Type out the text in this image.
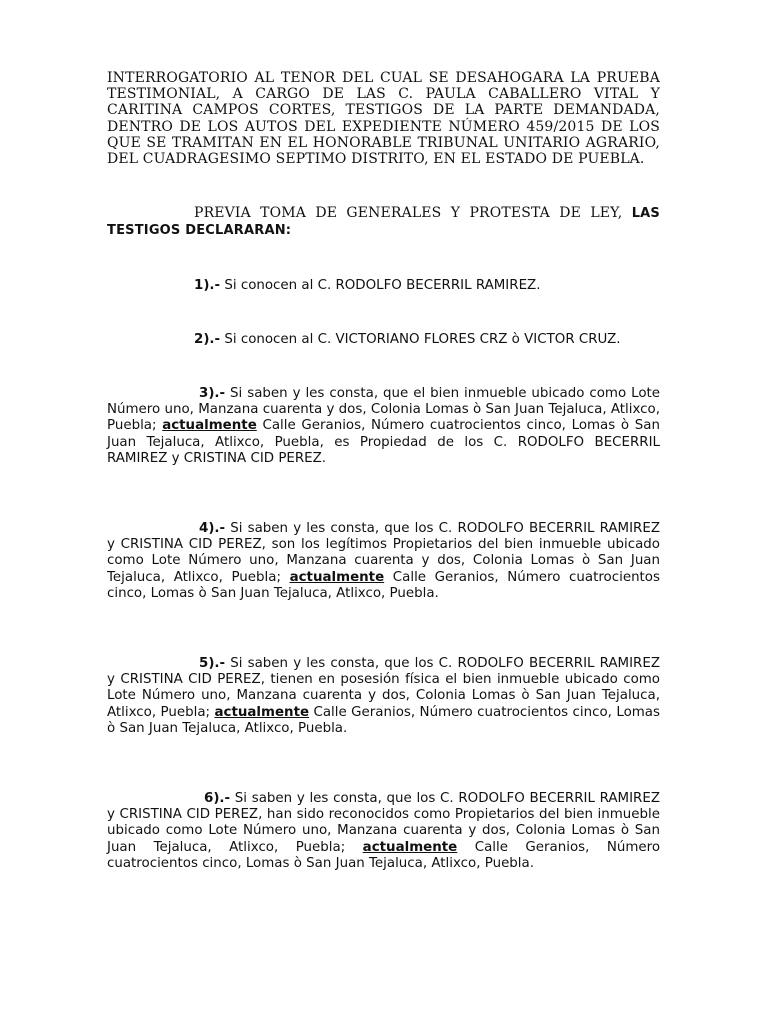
INTERROGATORIO AL TENOR DEL CUAL SE DESAHOGARA LA PRUEBA TESTIMONIAL, A CARGO DE LAS C. PAULA CABALLERO VITAL Y CARITINA CAMPOS CORTES, TESTIGOS DE LA PARTE DEMANDADA, DENTRO DE LOS AUTOS DEL EXPEDIENTE NÚMERO 459/2015 DE LOS QUE SE TRAMITAN EN EL HONORABLE TRIBUNAL UNITARIO AGRARIO, DEL CUADRAGESIMO SEPTIMO DISTRITO, EN EL ESTADO DE PUEBLA.

PREVIA TOMA DE GENERALES Y PROTESTA DE LEY, LAS TESTIGOS DECLARARAN:

1).- Si conocen al C. RODOLFO BECERRIL RAMIREZ.

2).- Si conocen al C. VICTORIANO FLORES CRZ ò VICTOR CRUZ.

3).- Si saben y les consta, que el bien inmueble ubicado como Lote Número uno, Manzana cuarenta y dos, Colonia Lomas ò San Juan Tejaluca, Atlixco, Puebla; actualmente Calle Geranios, Número cuatrocientos cinco, Lomas ò San Juan Tejaluca, Atlixco, Puebla, es Propiedad de los C. RODOLFO BECERRIL RAMIREZ y CRISTINA CID PEREZ.

4).- Si saben y les consta, que los C. RODOLFO BECERRIL RAMIREZ y CRISTINA CID PEREZ, son los legítimos Propietarios del bien inmueble ubicado como Lote Número uno, Manzana cuarenta y dos, Colonia Lomas ò San Juan Tejaluca, Atlixco, Puebla; actualmente Calle Geranios, Número cuatrocientos cinco, Lomas ò San Juan Tejaluca, Atlixco, Puebla.

5).- Si saben y les consta, que los C. RODOLFO BECERRIL RAMIREZ y CRISTINA CID PEREZ, tienen en posesión física el bien inmueble ubicado como Lote Número uno, Manzana cuarenta y dos, Colonia Lomas ò San Juan Tejaluca, Atlixco, Puebla; actualmente Calle Geranios, Número cuatrocientos cinco, Lomas ò San Juan Tejaluca, Atlixco, Puebla.

6).- Si saben y les consta, que los C. RODOLFO BECERRIL RAMIREZ y CRISTINA CID PEREZ, han sido reconocidos como Propietarios del bien inmueble ubicado como Lote Número uno, Manzana cuarenta y dos, Colonia Lomas ò San Juan Tejaluca, Atlixco, Puebla; actualmente Calle Geranios, Número cuatrocientos cinco, Lomas ò San Juan Tejaluca, Atlixco, Puebla.
